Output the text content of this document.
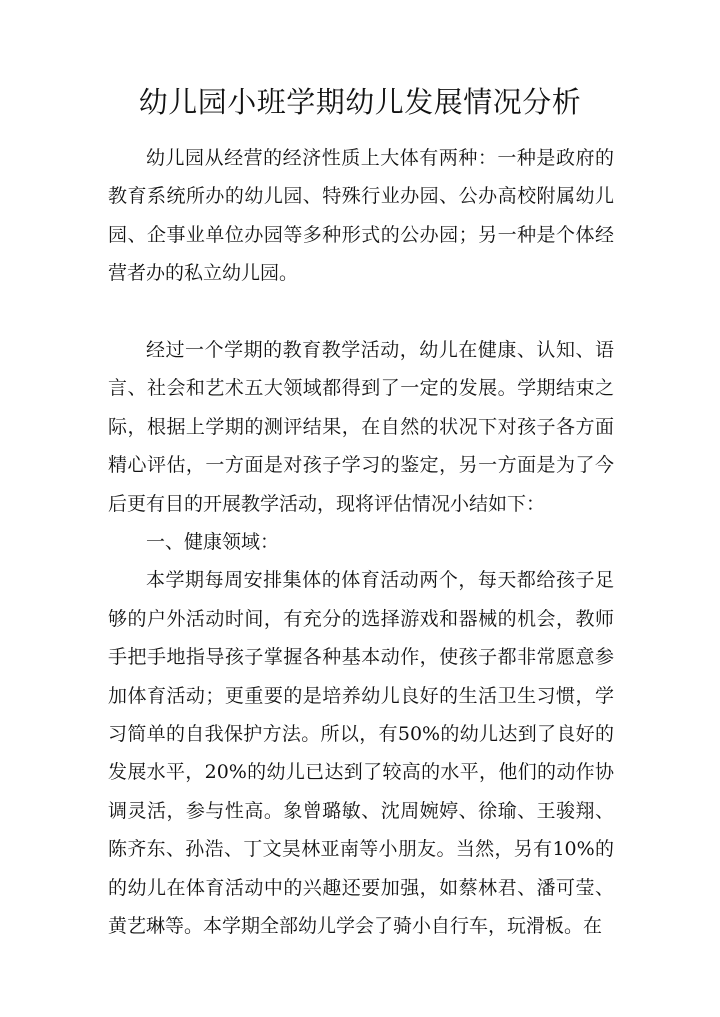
幼儿园小班学期幼儿发展情况分析

幼儿园从经营的经济性质上大体有两种：一种是政府的教育系统所办的幼儿园、特殊行业办园、公办高校附属幼儿园、企事业单位办园等多种形式的公办园；另一种是个体经营者办的私立幼儿园。

经过一个学期的教育教学活动，幼儿在健康、认知、语言、社会和艺术五大领域都得到了一定的发展。学期结束之际，根据上学期的测评结果，在自然的状况下对孩子各方面精心评估，一方面是对孩子学习的鉴定，另一方面是为了今后更有目的开展教学活动，现将评估情况小结如下：

一、健康领域：

本学期每周安排集体的体育活动两个，每天都给孩子足够的户外活动时间，有充分的选择游戏和器械的机会，教师手把手地指导孩子掌握各种基本动作，使孩子都非常愿意参加体育活动；更重要的是培养幼儿良好的生活卫生习惯，学习简单的自我保护方法。所以，有50%的幼儿达到了良好的发展水平，20%的幼儿已达到了较高的水平，他们的动作协调灵活，参与性高。象曾璐敏、沈周婉婷、徐瑜、王骏翔、陈齐东、孙浩、丁文昊林亚南等小朋友。当然，另有10%的的幼儿在体育活动中的兴趣还要加强，如蔡林君、潘可莹、黄艺琳等。本学期全部幼儿学会了骑小自行车，玩滑板。在
